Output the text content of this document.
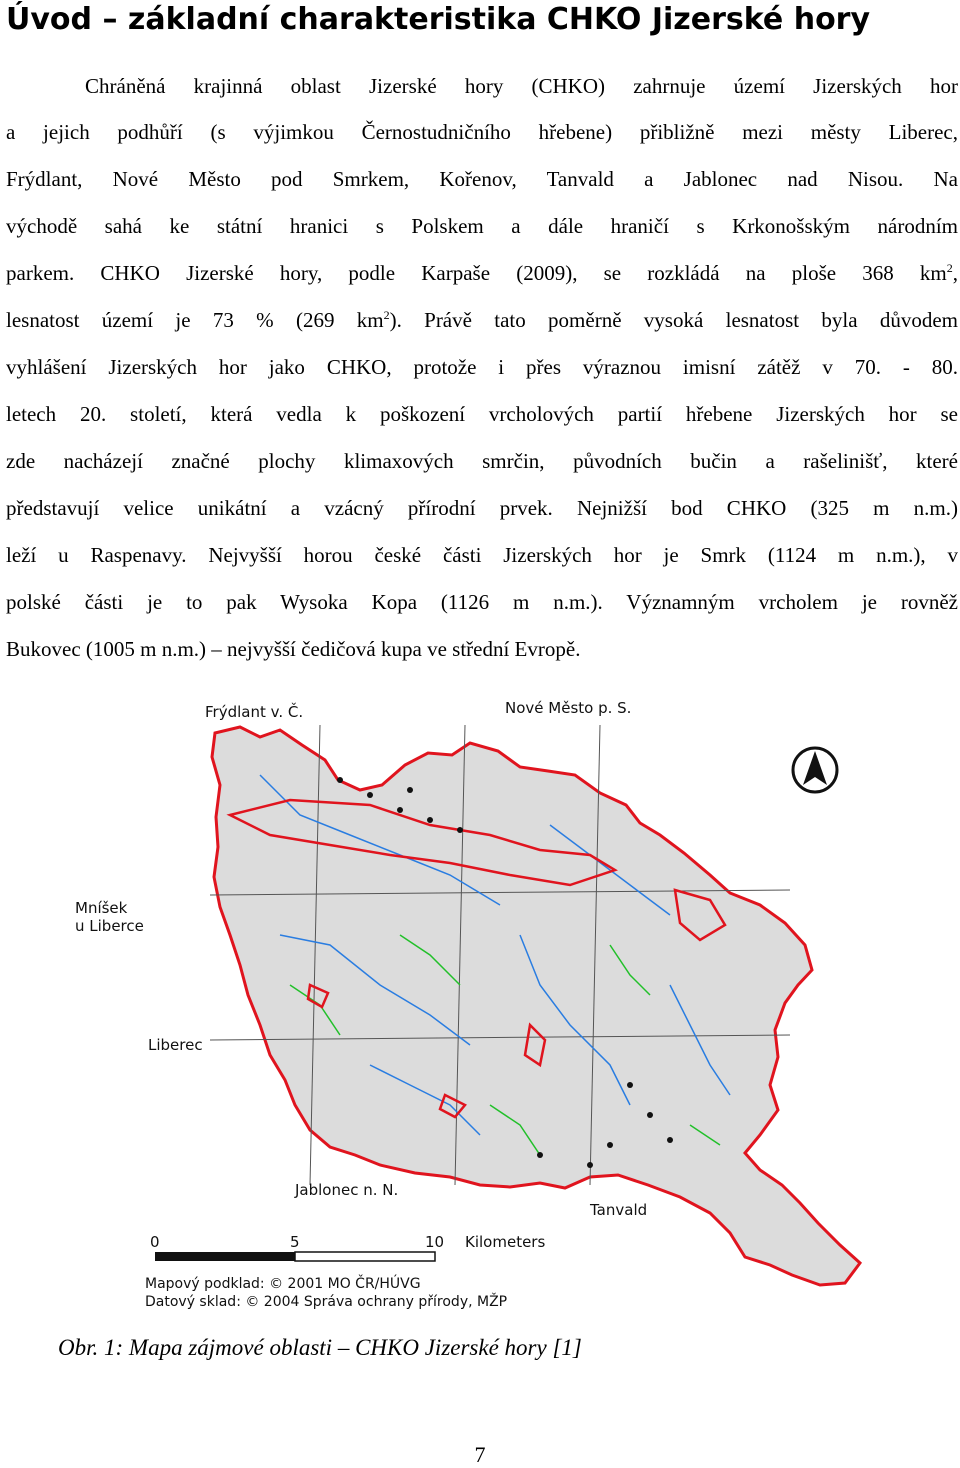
Úvod – základní charakteristika CHKO Jizerské hory

Chráněná krajinná oblast Jizerské hory (CHKO) zahrnuje území Jizerských hor

a jejich podhůří (s výjimkou Černostudničního hřebene) přibližně mezi městy Liberec,

Frýdlant, Nové Město pod Smrkem, Kořenov, Tanvald a Jablonec nad Nisou. Na

východě sahá ke státní hranici s Polskem a dále hraničí s Krkonošským národním

parkem. CHKO Jizerské hory, podle Karpaše (2009), se rozkládá na ploše 368 $km^2$,

lesnatost území je 73 % (269 $km^2$). Právě tato poměrně vysoká lesnatost byla důvodem

vyhlášení Jizerských hor jako CHKO, protože i přes výraznou imisní zátěž v 70. - 80.

letech 20. století, která vedla k poškození vrcholových partií hřebene Jizerských hor se

zde nacházejí značné plochy klimaxových smrčin, původních bučin a rašelinišť, které

představují velice unikátní a vzácný přírodní prvek. Nejnižší bod CHKO (325 m n.m.)

leží u Raspenavy. Nejvyšší horou české části Jizerských hor je Smrk (1124 m n.m.), v

polské části je to pak Wysoka Kopa (1126 m n.m.). Významným vrcholem je rovněž

Bukovec (1005 m n.m.) – nejvyšší čedičová kupa ve střední Evropě.

Frýdlant v. Č.	Nové Město p. S.
Mníšek
u Liberce
Liberec
Jablonec n. N.
Tanvald
0	5	10 Kilometers
Mapový podklad: © 2001 MO ČR/HÚVG
Datový sklad: © 2004 Správa ochrany přírody, MŽP

Obr. 1: Mapa zájmové oblasti – CHKO Jizerské hory [1]

7
